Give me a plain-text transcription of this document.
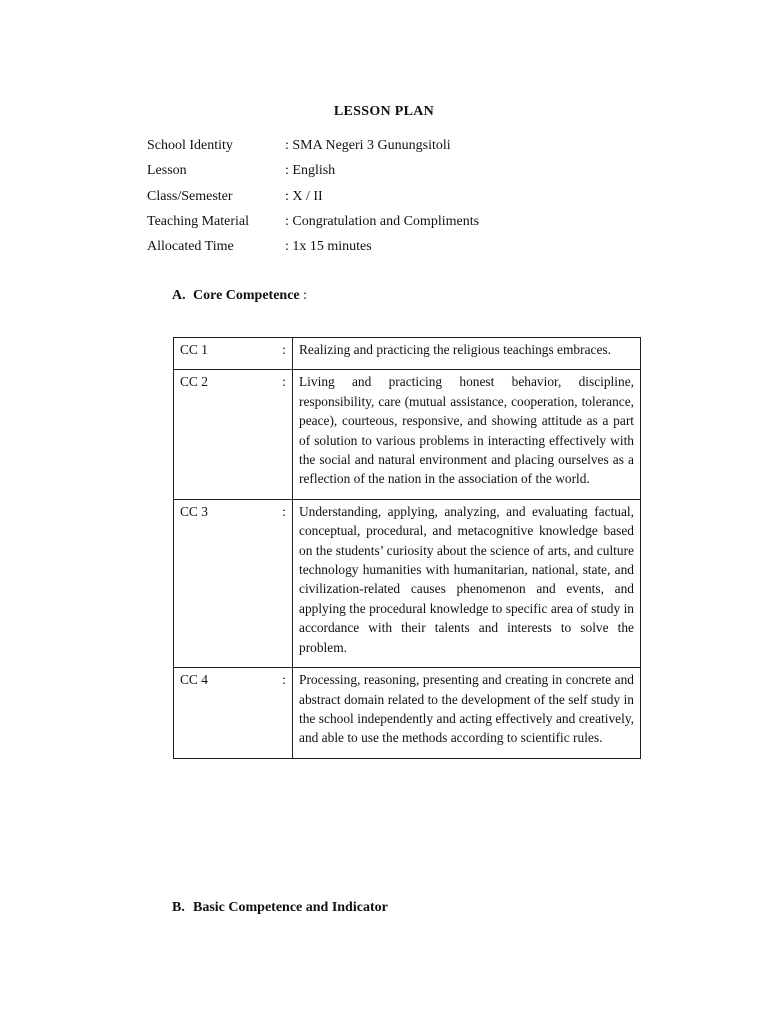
LESSON PLAN
School Identity	: SMA Negeri 3 Gunungsitoli
Lesson	: English
Class/Semester	: X / II
Teaching Material	: Congratulation and Compliments
Allocated Time	: 1x 15 minutes
A. Core Competence :
CC 1 :	Realizing and practicing the religious teachings embraces.

CC 2 :	Living and practicing honest behavior, discipline, responsibility, care (mutual assistance, cooperation, tolerance, peace), courteous, responsive, and showing attitude as a part of solution to various problems in interacting effectively with the social and natural environment and placing ourselves as a reflection of the nation in the association of the world.

CC 3 :	Understanding, applying, analyzing, and evaluating factual, conceptual, procedural, and metacognitive knowledge based on the students’ curiosity about the science of arts, and culture technology humanities with humanitarian, national, state, and civilization-related causes phenomenon and events, and applying the procedural knowledge to specific area of study in accordance with their talents and interests to solve the problem.

CC 4 :	Processing, reasoning, presenting and creating in concrete and abstract domain related to the development of the self study in the school independently and acting effectively and creatively, and able to use the methods according to scientific rules.
B. Basic Competence and Indicator
